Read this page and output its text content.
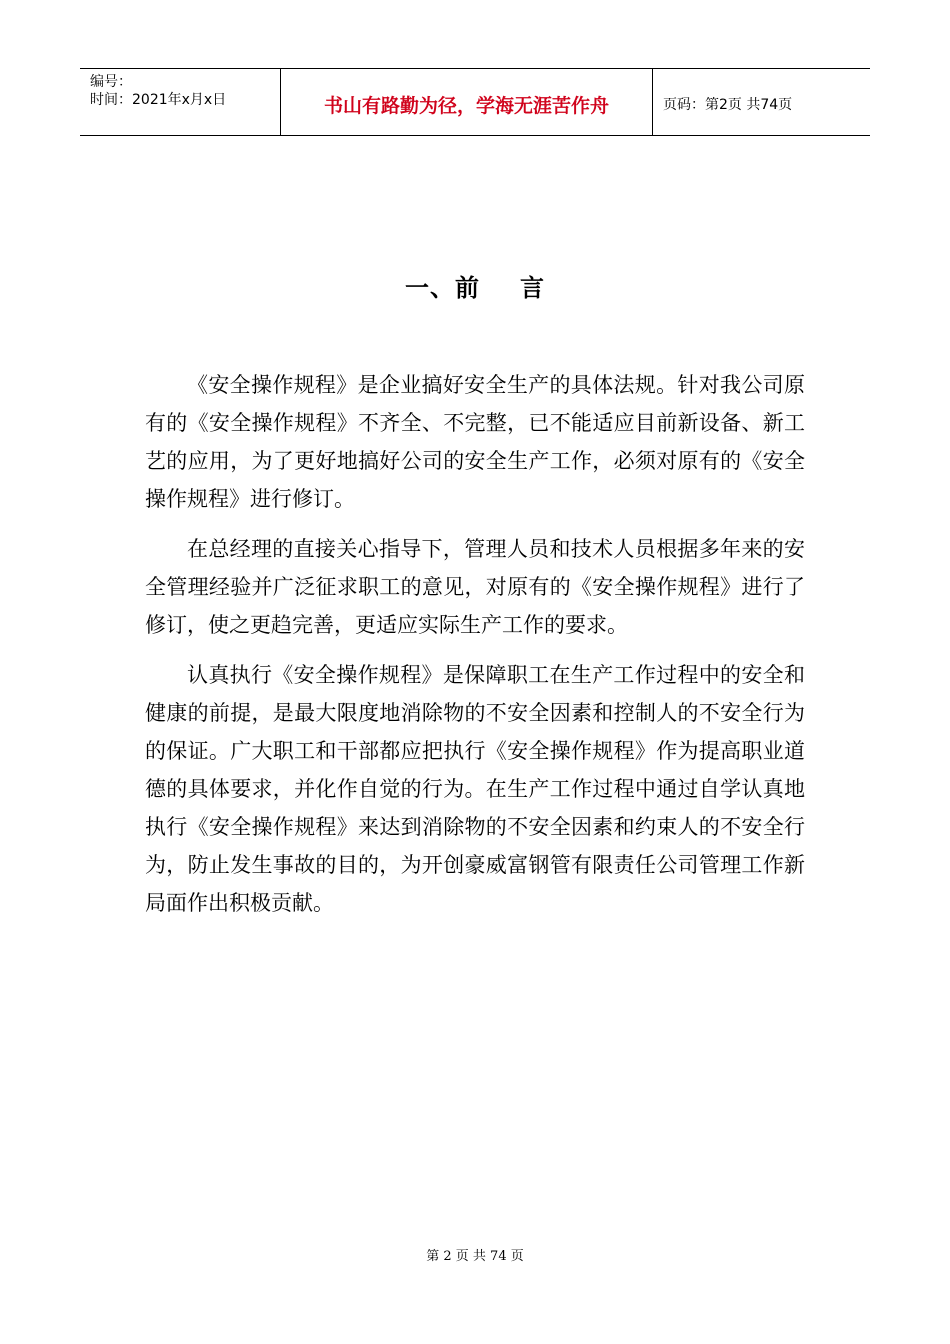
编号：
时间：2021年x月x日	书山有路勤为径，学海无涯苦作舟	页码：第2页 共74页
一、前 言

《安全操作规程》是企业搞好安全生产的具体法规。针对我公司原有的《安全操作规程》不齐全、不完整，已不能适应目前新设备、新工艺的应用，为了更好地搞好公司的安全生产工作，必须对原有的《安全操作规程》进行修订。

在总经理的直接关心指导下，管理人员和技术人员根据多年来的安全管理经验并广泛征求职工的意见，对原有的《安全操作规程》进行了修订，使之更趋完善，更适应实际生产工作的要求。

认真执行《安全操作规程》是保障职工在生产工作过程中的安全和健康的前提，是最大限度地消除物的不安全因素和控制人的不安全行为的保证。广大职工和干部都应把执行《安全操作规程》作为提高职业道德的具体要求，并化作自觉的行为。在生产工作过程中通过自学认真地执行《安全操作规程》来达到消除物的不安全因素和约束人的不安全行为，防止发生事故的目的，为开创豪威富钢管有限责任公司管理工作新局面作出积极贡献。

第 2 页 共 74 页
